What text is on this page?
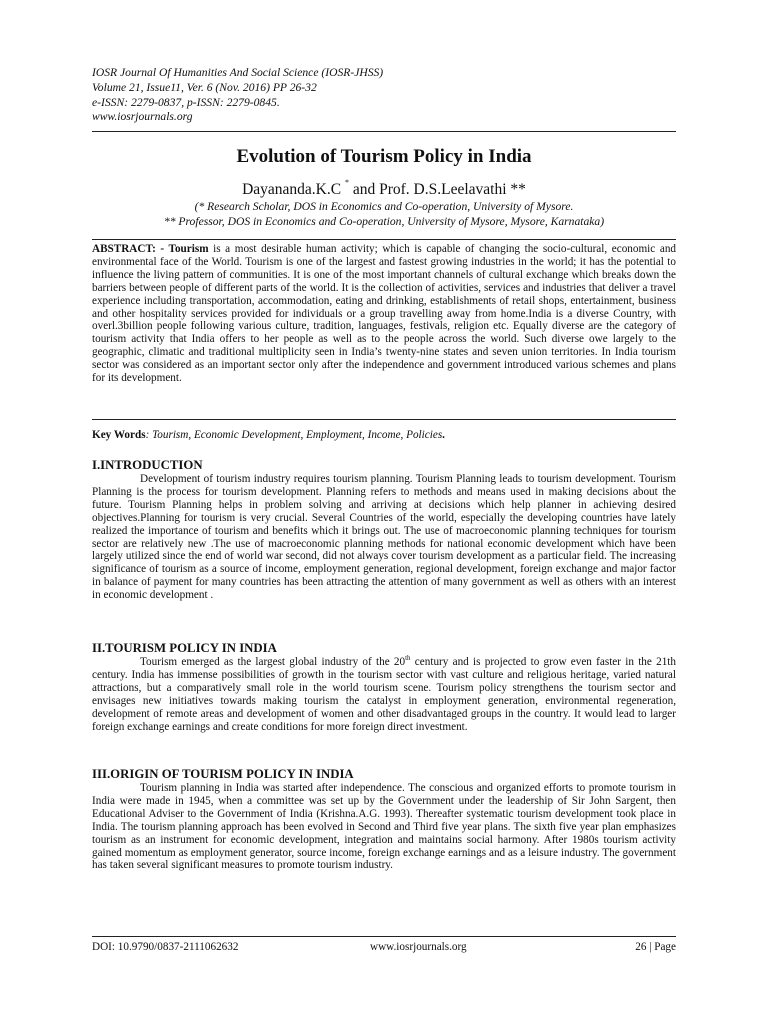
IOSR Journal Of Humanities And Social Science (IOSR-JHSS)
Volume 21, Issue11, Ver. 6 (Nov. 2016) PP 26-32
e-ISSN: 2279-0837, p-ISSN: 2279-0845.
www.iosrjournals.org
Evolution of Tourism Policy in India
Dayananda.K.C * and Prof. D.S.Leelavathi **
(* Research Scholar, DOS in Economics and Co-operation, University of Mysore.
** Professor, DOS in Economics and Co-operation, University of Mysore, Mysore, Karnataka)

ABSTRACT: - Tourism is a most desirable human activity; which is capable of changing the socio-cultural, economic and environmental face of the World. Tourism is one of the largest and fastest growing industries in the world; it has the potential to influence the living pattern of communities. It is one of the most important channels of cultural exchange which breaks down the barriers between people of different parts of the world. It is the collection of activities, services and industries that deliver a travel experience including transportation, accommodation, eating and drinking, establishments of retail shops, entertainment, business and other hospitality services provided for individuals or a group travelling away from home.India is a diverse Country, with overl.3billion people following various culture, tradition, languages, festivals, religion etc. Equally diverse are the category of tourism activity that India offers to her people as well as to the people across the world. Such diverse owe largely to the geographic, climatic and traditional multiplicity seen in India’s twenty-nine states and seven union territories. In India tourism sector was considered as an important sector only after the independence and government introduced various schemes and plans for its development.

Key Words: Tourism, Economic Development, Employment, Income, Policies.

I.INTRODUCTION

Development of tourism industry requires tourism planning. Tourism Planning leads to tourism development. Tourism Planning is the process for tourism development. Planning refers to methods and means used in making decisions about the future. Tourism Planning helps in problem solving and arriving at decisions which help planner in achieving desired objectives.Planning for tourism is very crucial. Several Countries of the world, especially the developing countries have lately realized the importance of tourism and benefits which it brings out. The use of macroeconomic planning techniques for tourism sector are relatively new .The use of macroeconomic planning methods for national economic development which have been largely utilized since the end of world war second, did not always cover tourism development as a particular field. The increasing significance of tourism as a source of income, employment generation, regional development, foreign exchange and major factor in balance of payment for many countries has been attracting the attention of many government as well as others with an interest in economic development .

II.TOURISM POLICY IN INDIA

Tourism emerged as the largest global industry of the 20th century and is projected to grow even faster in the 21th century. India has immense possibilities of growth in the tourism sector with vast culture and religious heritage, varied natural attractions, but a comparatively small role in the world tourism scene. Tourism policy strengthens the tourism sector and envisages new initiatives towards making tourism the catalyst in employment generation, environmental regeneration, development of remote areas and development of women and other disadvantaged groups in the country. It would lead to larger foreign exchange earnings and create conditions for more foreign direct investment.

III.ORIGIN OF TOURISM POLICY IN INDIA

Tourism planning in India was started after independence. The conscious and organized efforts to promote tourism in India were made in 1945, when a committee was set up by the Government under the leadership of Sir John Sargent, then Educational Adviser to the Government of India (Krishna.A.G. 1993). Thereafter systematic tourism development took place in India. The tourism planning approach has been evolved in Second and Third five year plans. The sixth five year plan emphasizes tourism as an instrument for economic development, integration and maintains social harmony. After 1980s tourism activity gained momentum as employment generator, source income, foreign exchange earnings and as a leisure industry. The government has taken several significant measures to promote tourism industry.

DOI: 10.9790/0837-2111062632	www.iosrjournals.org	26 | Page
